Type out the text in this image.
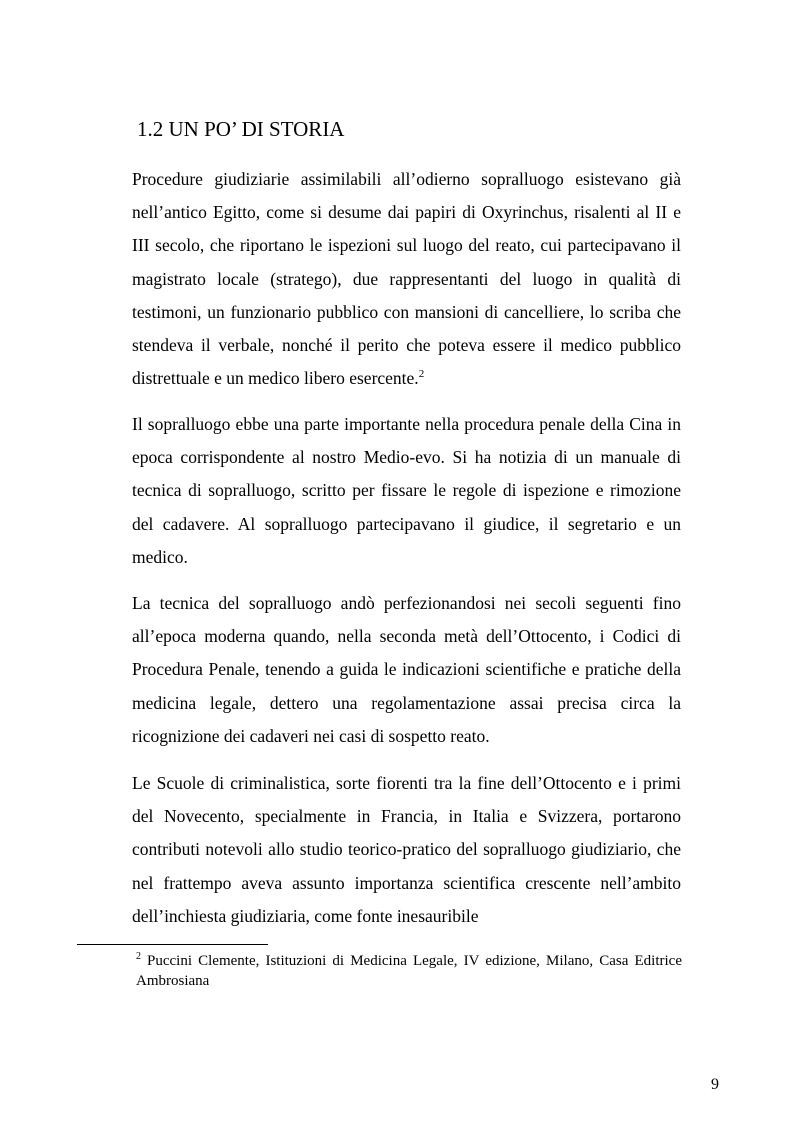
1.2 UN PO’ DI STORIA

Procedure giudiziarie assimilabili all’odierno sopralluogo esistevano già nell’antico Egitto, come si desume dai papiri di Oxyrinchus, risalenti al II e III secolo, che riportano le ispezioni sul luogo del reato, cui partecipavano il magistrato locale (stratego), due rappresentanti del luogo in qualità di testimoni, un funzionario pubblico con mansioni di cancelliere, lo scriba che stendeva il verbale, nonché il perito che poteva essere il medico pubblico distrettuale e un medico libero esercente.$^2$

Il sopralluogo ebbe una parte importante nella procedura penale della Cina in epoca corrispondente al nostro Medio-evo. Si ha notizia di un manuale di tecnica di sopralluogo, scritto per fissare le regole di ispezione e rimozione del cadavere. Al sopralluogo partecipavano il giudice, il segretario e un medico.

La tecnica del sopralluogo andò perfezionandosi nei secoli seguenti fino all’epoca moderna quando, nella seconda metà dell’Ottocento, i Codici di Procedura Penale, tenendo a guida le indicazioni scientifiche e pratiche della medicina legale, dettero una regolamentazione assai precisa circa la ricognizione dei cadaveri nei casi di sospetto reato.

Le Scuole di criminalistica, sorte fiorenti tra la fine dell’Ottocento e i primi del Novecento, specialmente in Francia, in Italia e Svizzera, portarono contributi notevoli allo studio teorico-pratico del sopralluogo giudiziario, che nel frattempo aveva assunto importanza scientifica crescente nell’ambito dell’inchiesta giudiziaria, come fonte inesauribile

$^2$ Puccini Clemente, Istituzioni di Medicina Legale, IV edizione, Milano, Casa Editrice Ambrosiana

9
